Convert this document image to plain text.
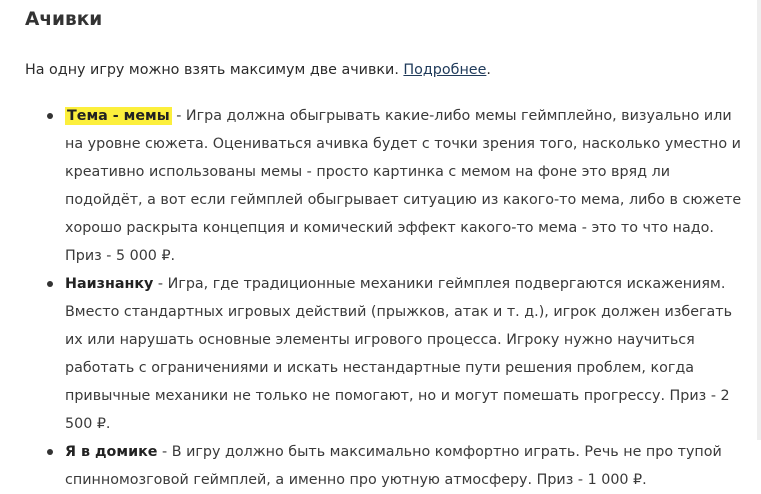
Ачивки

На одну игру можно взять максимум две ачивки. Подробнее.

Тема - мемы - Игра должна обыгрывать какие-либо мемы геймплейно, визуально или на уровне сюжета. Оцениваться ачивка будет с точки зрения того, насколько уместно и креативно использованы мемы - просто картинка с мемом на фоне это вряд ли подойдёт, а вот если геймплей обыгрывает ситуацию из какого-то мема, либо в сюжете хорошо раскрыта концепция и комический эффект какого-то мема - это то что надо. Приз - 5 000 ₽.
Наизнанку - Игра, где традиционные механики геймплея подвергаются искажениям. Вместо стандартных игровых действий (прыжков, атак и т. д.), игрок должен избегать их или нарушать основные элементы игрового процесса. Игроку нужно научиться работать с ограничениями и искать нестандартные пути решения проблем, когда привычные механики не только не помогают, но и могут помешать прогрессу. Приз - 2 500 ₽.
Я в домике - В игру должно быть максимально комфортно играть. Речь не про тупой спинномозговой геймплей, а именно про уютную атмосферу. Приз - 1 000 ₽.
